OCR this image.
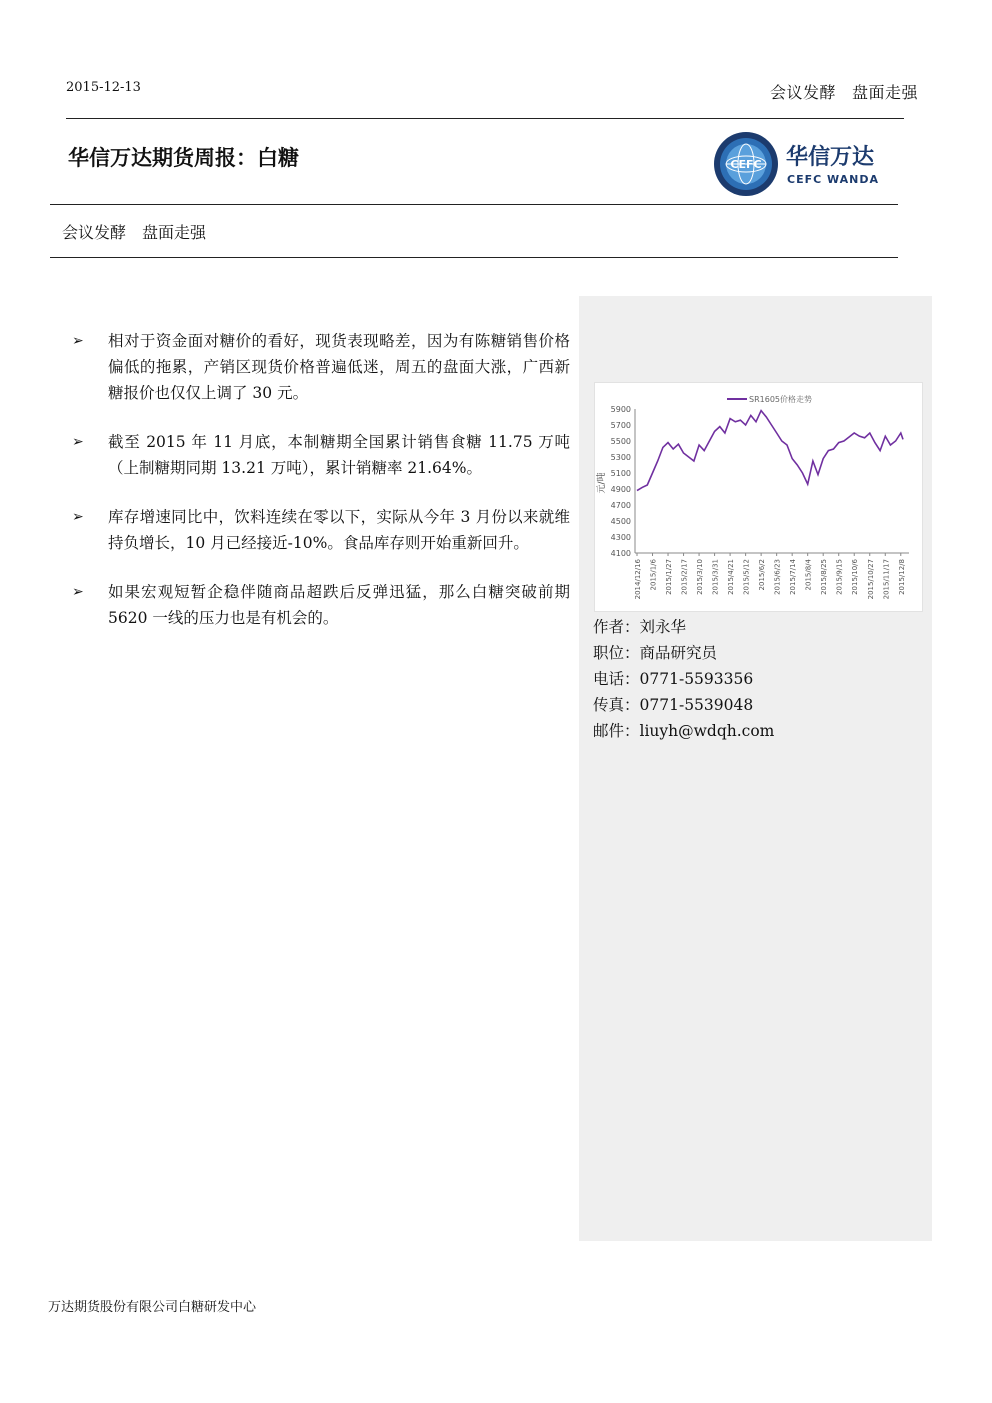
2015-12-13	会议发酵 盘面走强
华信万达期货周报：白糖	CEFC 华信万达
CEFC WANDA
会议发酵 盘面走强
➢ 相对于资金面对糖价的看好，现货表现略差，因为有陈糖销售价格偏低的拖累，产销区现货价格普遍低迷，周五的盘面大涨，广西新糖报价也仅仅上调了 30 元。
➢ 截至 2015 年 11 月底，本制糖期全国累计销售食糖 11.75 万吨（上制糖期同期 13.21 万吨），累计销糖率 21.64%。
➢ 库存增速同比中，饮料连续在零以下，实际从今年 3 月份以来就维持负增长，10 月已经接近-10%。食品库存则开始重新回升。
➢ 如果宏观短暂企稳伴随商品超跌后反弹迅猛，那么白糖突破前期 5620 一线的压力也是有机会的。
4100
4300
4500
4700
4900
5100
5300
5500
5700
5900
2014/12/16 2015/1/6 2015/1/27 2015/2/17 2015/3/10 2015/3/31 2015/4/21 2015/5/12 2015/6/2 2015/6/23 2015/7/14 2015/8/4 2015/8/25 2015/9/15 2015/10/6 2015/10/27 2015/11/17 2015/12/8
SR1605价格走势
元/吨
作者：刘永华
职位：商品研究员
电话：0771-5593356
传真：0771-5539048
邮件：liuyh@wdqh.com
万达期货股份有限公司白糖研发中心
